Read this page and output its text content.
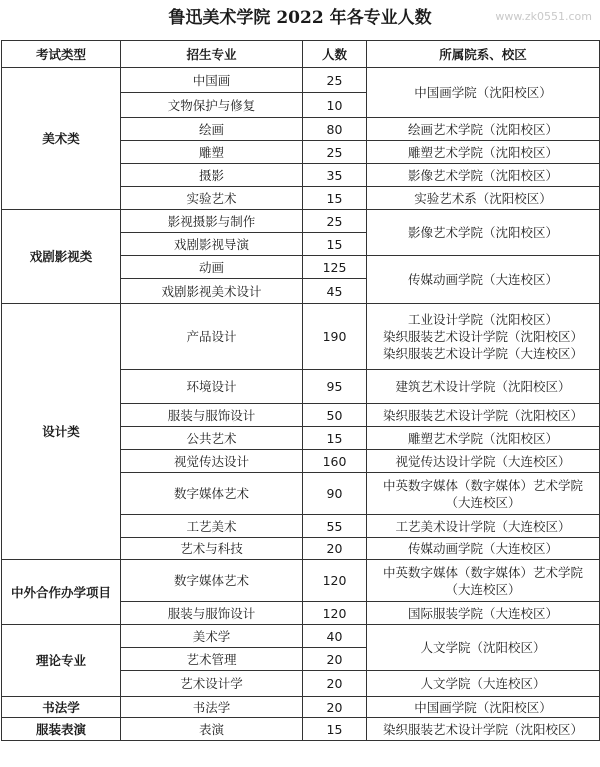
鲁迅美术学院 2022 年各专业人数	www.zk0551.com
考试类型	招生专业	人数	所属院系、校区
美术类	中国画	25	中国画学院（沈阳校区）

	文物保护与修复	10	
	绘画	80	绘画艺术学院（沈阳校区）

	雕塑	25	雕塑艺术学院（沈阳校区）

	摄影	35	影像艺术学院（沈阳校区）

	实验艺术	15	实验艺术系（沈阳校区）

戏剧影视类	影视摄影与制作	25	影像艺术学院（沈阳校区）

	戏剧影视导演	15	
	动画	125	传媒动画学院（大连校区）

	戏剧影视美术设计	45	
设计类	产品设计	190	工业设计学院（沈阳校区）
染织服装艺术设计学院（沈阳校区）
染织服装艺术设计学院（大连校区）

	环境设计	95	建筑艺术设计学院（沈阳校区）

	服装与服饰设计	50	染织服装艺术设计学院（沈阳校区）

	公共艺术	15	雕塑艺术学院（沈阳校区）

	视觉传达设计	160	视觉传达设计学院（大连校区）

	数字媒体艺术	90	中英数字媒体（数字媒体）艺术学院
（大连校区）

	工艺美术	55	工艺美术设计学院（大连校区）

	艺术与科技	20	传媒动画学院（大连校区）

中外合作办学项目	数字媒体艺术	120	中英数字媒体（数字媒体）艺术学院
（大连校区）

	服装与服饰设计	120	国际服装学院（大连校区）

理论专业	美术学	40	人文学院（沈阳校区）

	艺术管理	20	
	艺术设计学	20	人文学院（大连校区）

书法学	书法学	20	中国画学院（沈阳校区）

服装表演	表演	15	染织服装艺术设计学院（沈阳校区）
